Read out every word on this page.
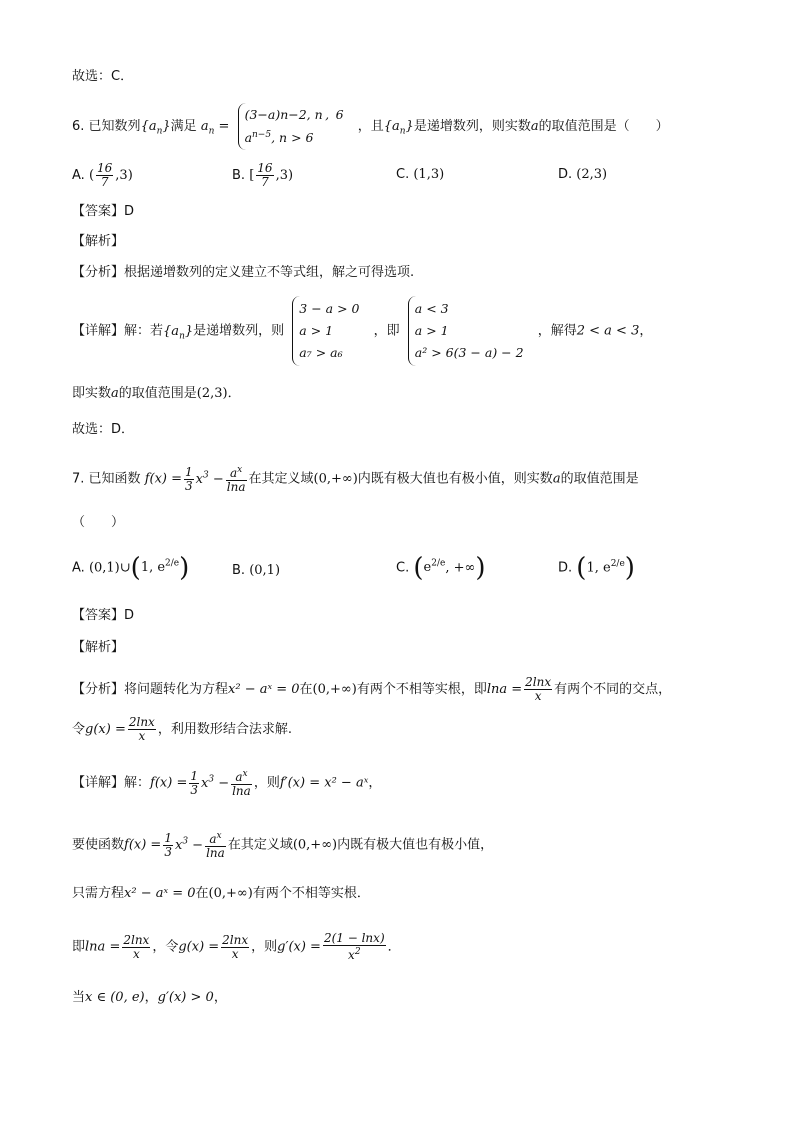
故选：C．
6. 已知数列$\{a_n\}$满足 $a_n$ =
(3−a)n−2, n ,  6
$a^{n-5}$, n > 6
，且$\{a_n\}$是递增数列，则实数a的取值范围是（　　）
A. ( $\frac{16}{7} ,3$)	B. [ $\frac{16}{7} ,3$)	C. (1,3)	D. (2,3)
【答案】D
【解析】
【分析】根据递增数列的定义建立不等式组，解之可得选项.
【详解】解：若$\{a_n\}$是递增数列，则
3 − a > 0
a > 1
a₇ > a₆
，即
a < 3
a > 1
a² > 6(3 − a) − 2
，解得2 < a < 3，
即实数a的取值范围是(2,3)．
故选：D．
7. 已知函数 $f(x) = \frac{1}{3} x^3 - \frac{a^x}{\ln a}$ 在其定义域(0,+∞)内既有极大值也有极小值，则实数a的取值范围是
（　　）
A. (0,1)∪(1, $e^{2/e}$)	B. (0,1)	C. ($e^{2/e}$, +∞)	D. (1, $e^{2/e}$)
【答案】D
【解析】
【分析】将问题转化为方程x² − aˣ = 0在(0,+∞)有两个不相等实根，即$\ln a = \frac{2\ln x}{x}$ 有两个不同的交点，
令$g(x) = \frac{2\ln x}{x}$ ，利用数形结合法求解.
【详解】解：$f(x) = \frac{1}{3} x^3 - \frac{a^x}{\ln a}$ ，则f′(x) = x² − aˣ，
要使函数$f(x) = \frac{1}{3} x^3 - \frac{a^x}{\ln a}$ 在其定义域(0,+∞)内既有极大值也有极小值，
只需方程x² − aˣ = 0在(0,+∞)有两个不相等实根．
即$\ln a = \frac{2\ln x}{x}$ ，令$g(x) = \frac{2\ln x}{x}$ ，则$g'(x) = \frac{2(1 - \ln x)}{x^2}$ ．
当x ∈ (0, e)，g′(x) > 0，
